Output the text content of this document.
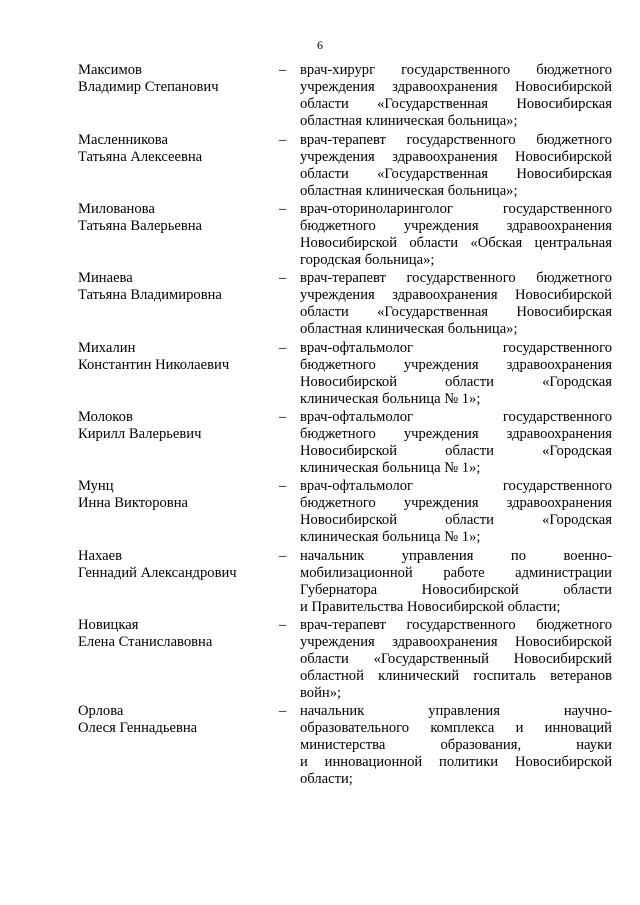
6
Максимов
Владимир Степанович
– врач-хирург государственного бюджетного
учреждения здравоохранения Новосибирской
области «Государственная Новосибирская
областная клиническая больница»;
Масленникова
Татьяна Алексеевна
– врач-терапевт государственного бюджетного
учреждения здравоохранения Новосибирской
области «Государственная Новосибирская
областная клиническая больница»;
Милованова
Татьяна Валерьевна
– врач-оториноларинголог государственного
бюджетного учреждения здравоохранения
Новосибирской области «Обская центральная
городская больница»;
Минаева
Татьяна Владимировна
– врач-терапевт государственного бюджетного
учреждения здравоохранения Новосибирской
области «Государственная Новосибирская
областная клиническая больница»;
Михалин
Константин Николаевич
– врач-офтальмолог государственного
бюджетного учреждения здравоохранения
Новосибирской области «Городская
клиническая больница № 1»;
Молоков
Кирилл Валерьевич
– врач-офтальмолог государственного
бюджетного учреждения здравоохранения
Новосибирской области «Городская
клиническая больница № 1»;
Мунц
Инна Викторовна
– врач-офтальмолог государственного
бюджетного учреждения здравоохранения
Новосибирской области «Городская
клиническая больница № 1»;
Нахаев
Геннадий Александрович
– начальник управления по военно-
мобилизационной работе администрации
Губернатора Новосибирской области
и Правительства Новосибирской области;
Новицкая
Елена Станиславовна
– врач-терапевт государственного бюджетного
учреждения здравоохранения Новосибирской
области «Государственный Новосибирский
областной клинический госпиталь ветеранов
войн»;
Орлова
Олеся Геннадьевна
– начальник управления научно-
образовательного комплекса и инноваций
министерства образования, науки
и инновационной политики Новосибирской
области;
